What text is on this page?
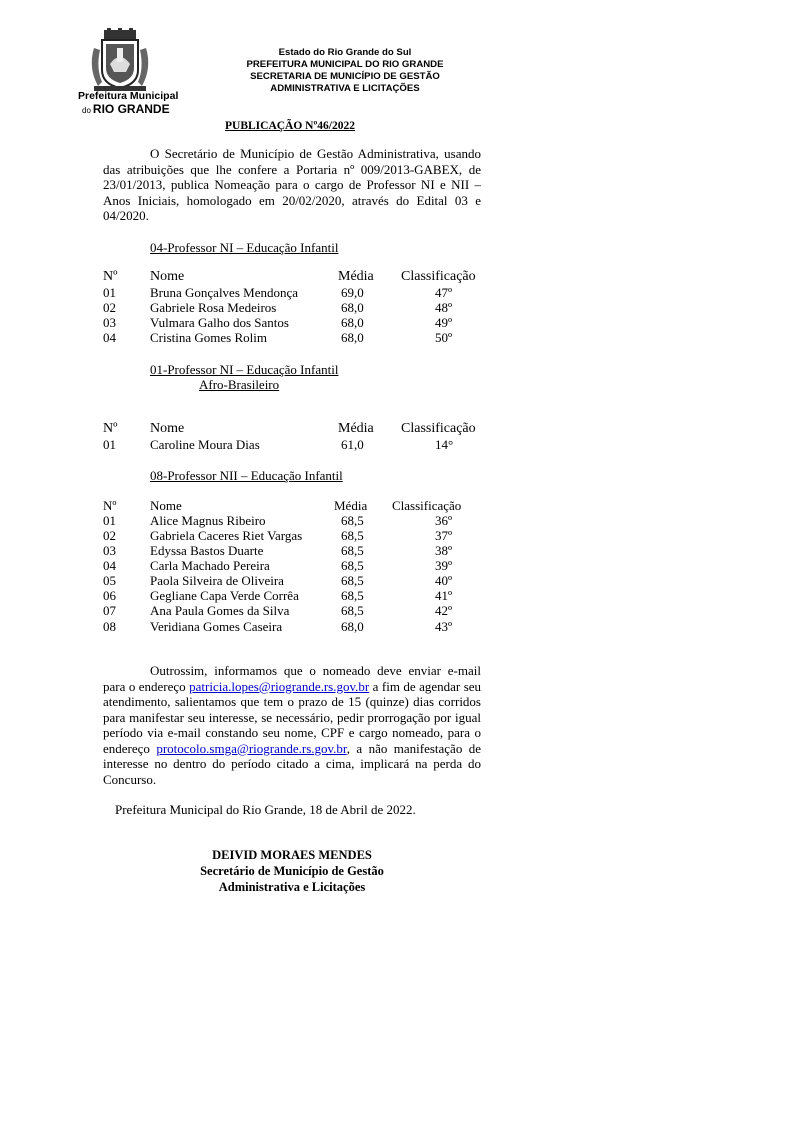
Prefeitura Municipal
do RIO GRANDE
Estado do Rio Grande do Sul
PREFEITURA MUNICIPAL DO RIO GRANDE
SECRETARIA DE MUNICÍPIO DE GESTÃO
ADMINISTRATIVA E LICITAÇÕES
PUBLICAÇÃO Nº46/2022

O Secretário de Município de Gestão Administrativa, usando das atribuições que lhe confere a Portaria nº 009/2013-GABEX, de 23/01/2013, publica Nomeação para o cargo de Professor NI e NII – Anos Iniciais, homologado em 20/02/2020, através do Edital 03 e 04/2020.

04-Professor NI – Educação Infantil
Nº Nome	Média Classificação
01	Bruna Gonçalves Mendonça	69,0	47º
02	Gabriele Rosa Medeiros	68,0	48º
03	Vulmara Galho dos Santos	68,0	49º
04	Cristina Gomes Rolim	68,0	50º
01-Professor NI – Educação Infantil
Afro-Brasileiro
Nº Nome	Média Classificação
01	Caroline Moura Dias	61,0	14°
08-Professor NII – Educação Infantil
Nº	Nome	Média Classificação
01	Alice Magnus Ribeiro	68,5	36º
02	Gabriela Caceres Riet Vargas	68,5	37º
03	Edyssa Bastos Duarte	68,5	38º
04	Carla Machado Pereira	68,5	39º
05	Paola Silveira de Oliveira	68,5	40º
06	Gegliane Capa Verde Corrêa	68,5	41º
07	Ana Paula Gomes da Silva	68,5	42º
08	Veridiana Gomes Caseira	68,0	43º

Outrossim, informamos que o nomeado deve enviar e-mail para o endereço patricia.lopes@riogrande.rs.gov.br a fim de agendar seu atendimento, salientamos que tem o prazo de 15 (quinze) dias corridos para manifestar seu interesse, se necessário, pedir prorrogação por igual período via e-mail constando seu nome, CPF e cargo nomeado, para o endereço protocolo.smga@riogrande.rs.gov.br, a não manifestação de interesse no dentro do período citado a cima, implicará na perda do Concurso.

Prefeitura Municipal do Rio Grande, 18 de Abril de 2022.
DEIVID MORAES MENDES
Secretário de Município de Gestão
Administrativa e Licitações
